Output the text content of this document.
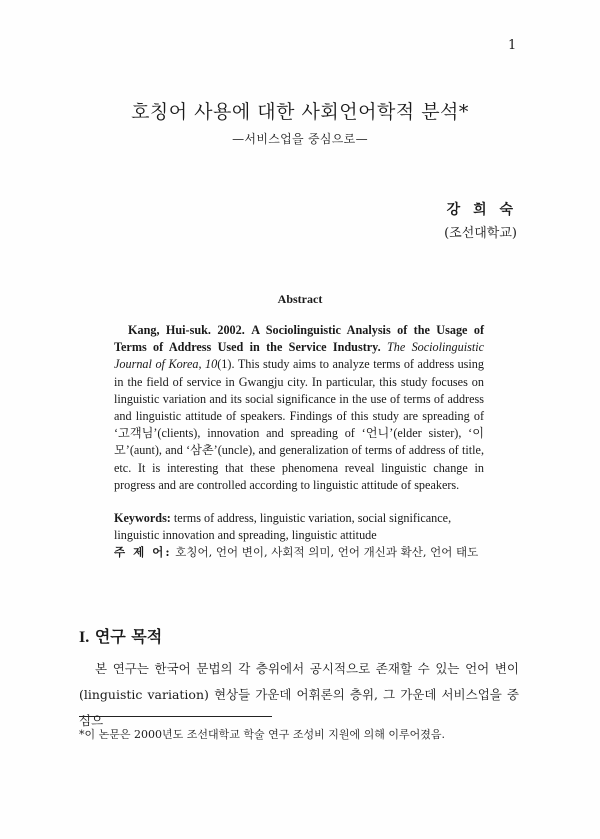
1
호칭어 사용에 대한 사회언어학적 분석*
—서비스업을 중심으로—
강 희 숙
(조선대학교)
Abstract

Kang, Hui-suk. 2002. A Sociolinguistic Analysis of the Usage of Terms of Address Used in the Service Industry. The Sociolinguistic Journal of Korea, 10(1). This study aims to analyze terms of address using in the field of service in Gwangju city. In particular, this study focuses on linguistic variation and its social significance in the use of terms of address and linguistic attitude of speakers. Findings of this study are spreading of ‘고객님’(clients), innovation and spreading of ‘언니’(elder sister), ‘이모’(aunt), and ‘삼촌’(uncle), and generalization of terms of address of title, etc. It is interesting that these phenomena reveal linguistic change in progress and are controlled according to linguistic attitude of speakers.

Keywords: terms of address, linguistic variation, social significance, linguistic innovation and spreading, linguistic attitude
주 제 어: 호칭어, 언어 변이, 사회적 의미, 언어 개신과 확산, 언어 태도
I. 연구 목적

본 연구는 한국어 문법의 각 층위에서 공시적으로 존재할 수 있는 언어 변이(linguistic variation) 현상들 가운데 어휘론의 층위, 그 가운데 서비스업을 중심으

*이 논문은 2000년도 조선대학교 학술 연구 조성비 지원에 의해 이루어졌음.
